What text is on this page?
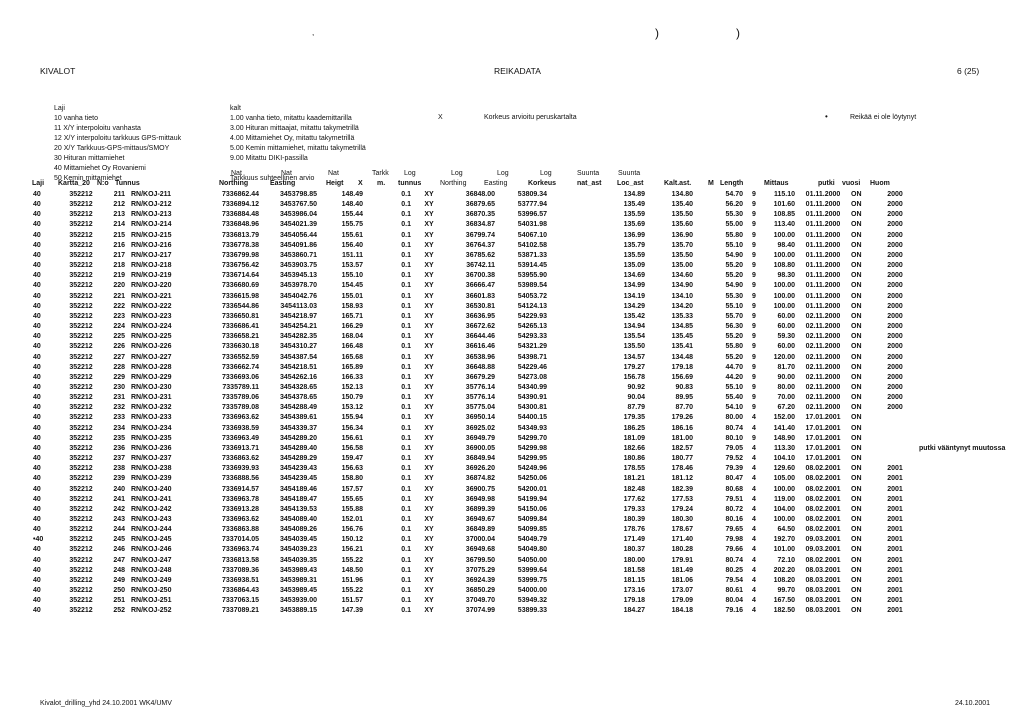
,	)	)
KIVALOT	REIKADATA	6 (25)
Laji
10 vanha tieto
11 X/Y interpoloitu vanhasta
12 X/Y interpoloitu tarkkuus GPS-mittauk
20 X/Y Tarkkuus-GPS-mittaus/SMOY
30 Hituran mittamiehet
40 Mittamiehet Oy Rovaniemi
50 Kemin mittamiehet
kalt
1.00 vanha tieto, mitattu kaademittarilla
3.00 Hituran mittaajat, mitattu takymetrillä
4.00 Mittamiehet Oy, mitattu takymetrillä
5.00 Kemin mittamiehet, mitattu takymetrillä
9.00 Mitattu DIKI-passilla
Tarkkuus suhteellinen arvio
X	Korkeus arvioitu peruskartalta	•	Reikää ei ole löytynyt
Nat	Nat	Nat	Tarkk Log	Log	Log	Log	Suunta	Suunta
Laji Kartta_20 N:o Tunnus	Northing	Easting	Heigt X m. tunnus	Northing	Easting	Korkeus	nat_ast Loc_ast	Kalt.ast. M Length	Mittaus	putki vuosi Huom
40	352212	211	RN/KOJ-211	7336862.44	3453798.85	148.49		0.1	XY	36848.00	53809.34		134.89	134.80	54.70	9	115.10	01.11.2000	ON	2000	
40	352212	212	RN/KOJ-212	7336894.12	3453767.50	148.40		0.1	XY	36879.65	53777.94		135.49	135.40	56.20	9	101.60	01.11.2000	ON	2000	
40	352212	213	RN/KOJ-213	7336884.48	3453986.04	155.44		0.1	XY	36870.35	53996.57		135.59	135.50	55.30	9	108.85	01.11.2000	ON	2000	
40	352212	214	RN/KOJ-214	7336848.96	3454021.39	155.75		0.1	XY	36834.87	54031.98		135.69	135.60	55.00	9	113.40	01.11.2000	ON	2000	
40	352212	215	RN/KOJ-215	7336813.79	3454056.44	155.61		0.1	XY	36799.74	54067.10		136.99	136.90	55.80	9	100.00	01.11.2000	ON	2000	
40	352212	216	RN/KOJ-216	7336778.38	3454091.86	156.40		0.1	XY	36764.37	54102.58		135.79	135.70	55.10	9	98.40	01.11.2000	ON	2000	
40	352212	217	RN/KOJ-217	7336799.98	3453860.71	151.11		0.1	XY	36785.62	53871.33		135.59	135.50	54.90	9	100.00	01.11.2000	ON	2000	
40	352212	218	RN/KOJ-218	7336756.42	3453903.75	153.57		0.1	XY	36742.11	53914.45		135.09	135.00	55.20	9	108.80	01.11.2000	ON	2000	
40	352212	219	RN/KOJ-219	7336714.64	3453945.13	155.10		0.1	XY	36700.38	53955.90		134.69	134.60	55.20	9	98.30	01.11.2000	ON	2000	
40	352212	220	RN/KOJ-220	7336680.69	3453978.70	154.45		0.1	XY	36666.47	53989.54		134.99	134.90	54.90	9	100.00	01.11.2000	ON	2000	
40	352212	221	RN/KOJ-221	7336615.98	3454042.76	155.01		0.1	XY	36601.83	54053.72		134.19	134.10	55.30	9	100.00	01.11.2000	ON	2000	
40	352212	222	RN/KOJ-222	7336544.86	3454113.03	158.93		0.1	XY	36530.81	54124.13		134.29	134.20	55.10	9	100.00	01.11.2000	ON	2000	
40	352212	223	RN/KOJ-223	7336650.81	3454218.97	165.71		0.1	XY	36636.95	54229.93		135.42	135.33	55.70	9	60.00	02.11.2000	ON	2000	
40	352212	224	RN/KOJ-224	7336686.41	3454254.21	166.29		0.1	XY	36672.62	54265.13		134.94	134.85	56.30	9	60.00	02.11.2000	ON	2000	
40	352212	225	RN/KOJ-225	7336658.21	3454282.35	168.04		0.1	XY	36644.46	54293.33		135.54	135.45	55.20	9	59.30	02.11.2000	ON	2000	
40	352212	226	RN/KOJ-226	7336630.18	3454310.27	166.48		0.1	XY	36616.46	54321.29		135.50	135.41	55.80	9	60.00	02.11.2000	ON	2000	
40	352212	227	RN/KOJ-227	7336552.59	3454387.54	165.68		0.1	XY	36538.96	54398.71		134.57	134.48	55.20	9	120.00	02.11.2000	ON	2000	
40	352212	228	RN/KOJ-228	7336662.74	3454218.51	165.89		0.1	XY	36648.88	54229.46		179.27	179.18	44.70	9	81.70	02.11.2000	ON	2000	
40	352212	229	RN/KOJ-229	7336693.06	3454262.16	166.33		0.1	XY	36679.29	54273.08		156.78	156.69	44.20	9	90.00	02.11.2000	ON	2000	
40	352212	230	RN/KOJ-230	7335789.11	3454328.65	152.13		0.1	XY	35776.14	54340.99		90.92	90.83	55.10	9	80.00	02.11.2000	ON	2000	
40	352212	231	RN/KOJ-231	7335789.06	3454378.65	150.79		0.1	XY	35776.14	54390.91		90.04	89.95	55.40	9	70.00	02.11.2000	ON	2000	
40	352212	232	RN/KOJ-232	7335789.08	3454288.49	153.12		0.1	XY	35775.04	54300.81		87.79	87.70	54.10	9	67.20	02.11.2000	ON	2000	
40	352212	233	RN/KOJ-233	7336963.62	3454389.61	155.94		0.1	XY	36950.14	54400.15		179.35	179.26	80.00	4	152.00	17.01.2001	ON		
40	352212	234	RN/KOJ-234	7336938.59	3454339.37	156.34		0.1	XY	36925.02	54349.93		186.25	186.16	80.74	4	141.40	17.01.2001	ON		
40	352212	235	RN/KOJ-235	7336963.49	3454289.20	156.61		0.1	XY	36949.79	54299.70		181.09	181.00	80.10	9	148.90	17.01.2001	ON		
40	352212	236	RN/KOJ-236	7336913.71	3454289.40	156.58		0.1	XY	36900.05	54299.98		182.66	182.57	79.05	4	113.30	17.01.2001	ON		putki vääntynyt muutossa
40	352212	237	RN/KOJ-237	7336863.62	3454289.29	159.47		0.1	XY	36849.94	54299.95		180.86	180.77	79.52	4	104.10	17.01.2001	ON		
40	352212	238	RN/KOJ-238	7336939.93	3454239.43	156.63		0.1	XY	36926.20	54249.96		178.55	178.46	79.39	4	129.60	08.02.2001	ON	2001	
40	352212	239	RN/KOJ-239	7336888.56	3454239.45	158.80		0.1	XY	36874.82	54250.06		181.21	181.12	80.47	4	105.00	08.02.2001	ON	2001	
40	352212	240	RN/KOJ-240	7336914.57	3454189.46	157.57		0.1	XY	36900.75	54200.01		182.48	182.39	80.68	4	100.00	08.02.2001	ON	2001	
40	352212	241	RN/KOJ-241	7336963.78	3454189.47	155.65		0.1	XY	36949.98	54199.94		177.62	177.53	79.51	4	119.00	08.02.2001	ON	2001	
40	352212	242	RN/KOJ-242	7336913.28	3454139.53	155.88		0.1	XY	36899.39	54150.06		179.33	179.24	80.72	4	104.00	08.02.2001	ON	2001	
40	352212	243	RN/KOJ-243	7336963.62	3454089.40	152.01		0.1	XY	36949.67	54099.84		180.39	180.30	80.16	4	100.00	08.02.2001	ON	2001	
40	352212	244	RN/KOJ-244	7336863.88	3454089.26	156.76		0.1	XY	36849.89	54099.85		178.76	178.67	79.65	4	64.50	08.02.2001	ON	2001	
•40	352212	245	RN/KOJ-245	7337014.05	3454039.45	150.12		0.1	XY	37000.04	54049.79		171.49	171.40	79.98	4	192.70	09.03.2001	ON	2001	
40	352212	246	RN/KOJ-246	7336963.74	3454039.23	156.21		0.1	XY	36949.68	54049.80		180.37	180.28	79.66	4	101.00	09.03.2001	ON	2001	
40	352212	247	RN/KOJ-247	7336813.58	3454039.35	155.22		0.1	XY	36799.50	54050.00		180.00	179.91	80.74	4	72.10	08.02.2001	ON	2001	
40	352212	248	RN/KOJ-248	7337089.36	3453989.43	148.50		0.1	XY	37075.29	53999.64		181.58	181.49	80.25	4	202.20	08.03.2001	ON	2001	
40	352212	249	RN/KOJ-249	7336938.51	3453989.31	151.96		0.1	XY	36924.39	53999.75		181.15	181.06	79.54	4	108.20	08.03.2001	ON	2001	
40	352212	250	RN/KOJ-250	7336864.43	3453989.45	155.22		0.1	XY	36850.29	54000.00		173.16	173.07	80.61	4	99.70	08.03.2001	ON	2001	
40	352212	251	RN/KOJ-251	7337063.15	3453939.00	151.57		0.1	XY	37049.70	53949.32		179.18	179.09	80.04	4	167.50	08.03.2001	ON	2001	
40	352212	252	RN/KOJ-252	7337089.21	3453889.15	147.39		0.1	XY	37074.99	53899.33		184.27	184.18	79.16	4	182.50	08.03.2001	ON	2001	
Kivalot_drilling_yhd 24.10.2001 WK4/UMV	24.10.2001
